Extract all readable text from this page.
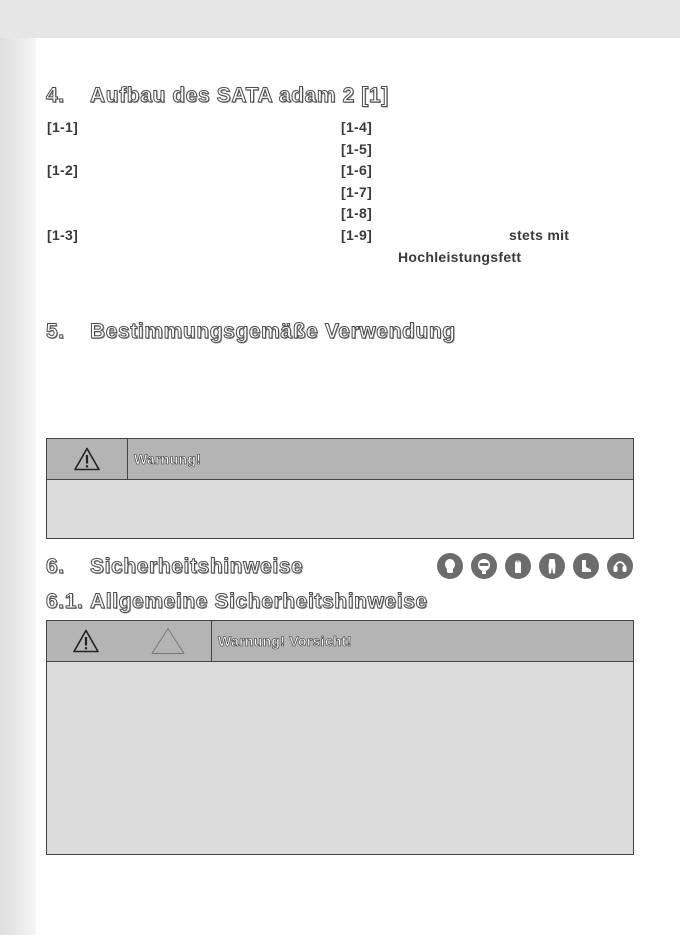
4. Aufbau des SATA adam 2 [1]
[1-1]
[1-2]
[1-3]
[1-4]
[1-5]
[1-6]
[1-7]
[1-8]
[1-9]	stets mit
Hochleistungsfett
5. Bestimmungsgemäße Verwendung
Warnung!
6. Sicherheitshinweise
6.1. Allgemeine Sicherheitshinweise
Warnung! Vorsicht!
